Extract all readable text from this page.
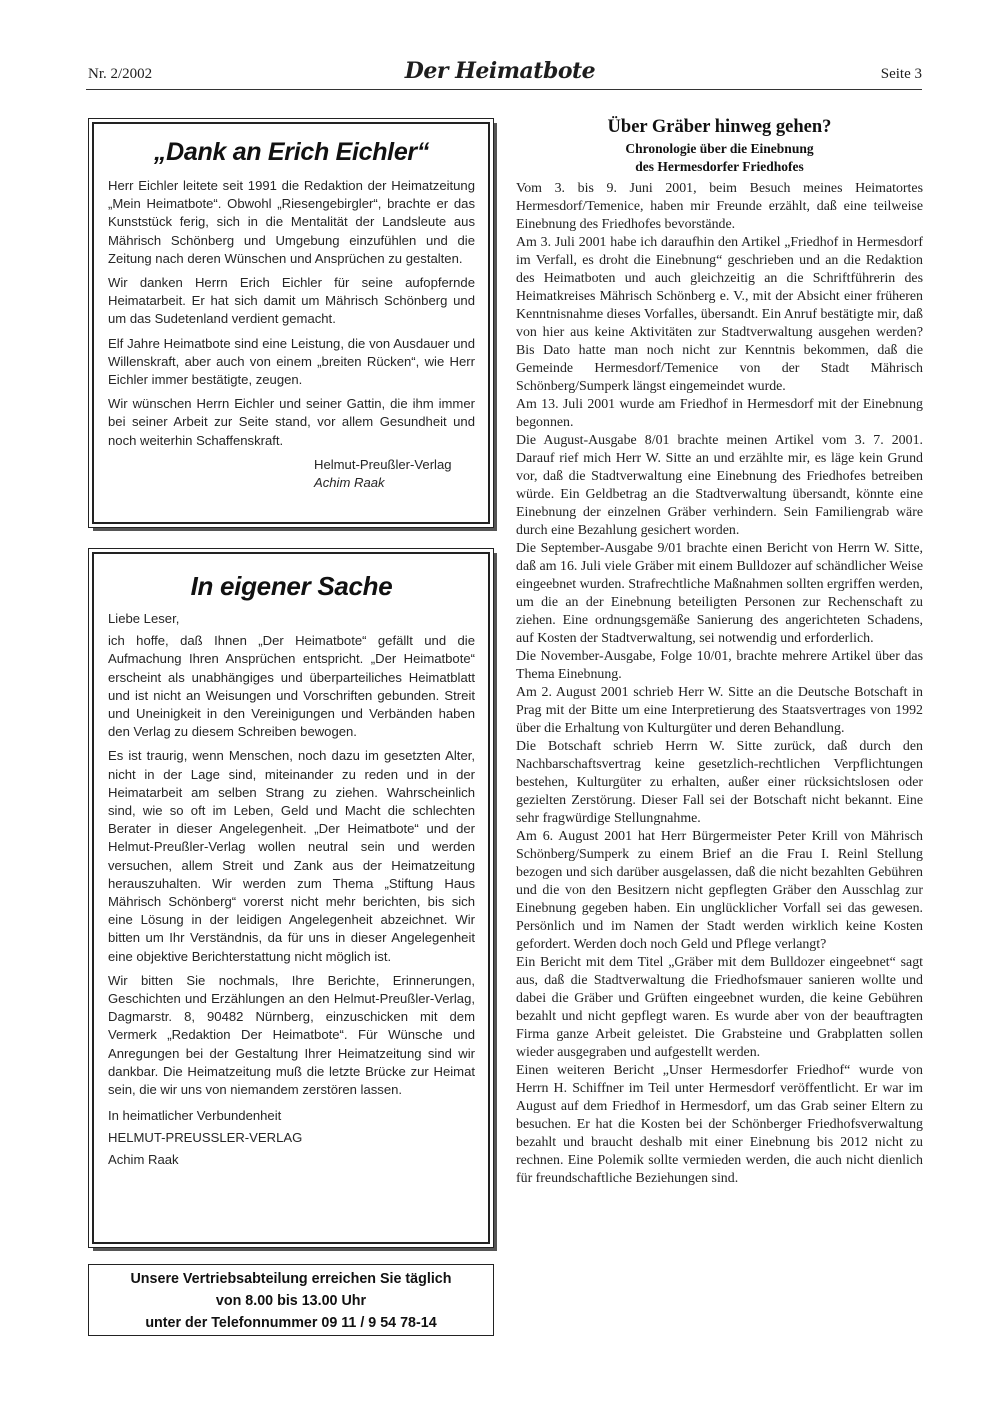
Nr. 2/2002	Der Heimatbote	Seite 3
„Dank an Erich Eichler“

Herr Eichler leitete seit 1991 die Redaktion der Heimatzeitung „Mein Heimatbote“. Obwohl „Riesengebirgler“, brachte er das Kunststück ferig, sich in die Mentalität der Landsleute aus Mährisch Schönberg und Umgebung einzufühlen und die Zeitung nach deren Wünschen und Ansprüchen zu gestalten.

Wir danken Herrn Erich Eichler für seine aufopfernde Heimatarbeit. Er hat sich damit um Mährisch Schönberg und um das Sudetenland verdient gemacht.

Elf Jahre Heimatbote sind eine Leistung, die von Ausdauer und Willenskraft, aber auch von einem „breiten Rücken“, wie Herr Eichler immer bestätigte, zeugen.

Wir wünschen Herrn Eichler und seiner Gattin, die ihm immer bei seiner Arbeit zur Seite stand, vor allem Gesundheit und noch weiterhin Schaffenskraft.

Helmut-Preußler-Verlag
Achim Raak
In eigener Sache
Liebe Leser,

ich hoffe, daß Ihnen „Der Heimatbote“ gefällt und die Aufmachung Ihren Ansprüchen entspricht. „Der Heimatbote“ erscheint als unabhängiges und überparteiliches Heimatblatt und ist nicht an Weisungen und Vorschriften gebunden. Streit und Uneinigkeit in den Vereinigungen und Verbänden haben den Verlag zu diesem Schreiben bewogen.

Es ist traurig, wenn Menschen, noch dazu im gesetzten Alter, nicht in der Lage sind, miteinander zu reden und in der Heimatarbeit am selben Strang zu ziehen. Wahrscheinlich sind, wie so oft im Leben, Geld und Macht die schlechten Berater in dieser Angelegenheit. „Der Heimatbote“ und der Helmut-Preußler-Verlag wollen neutral sein und werden versuchen, allem Streit und Zank aus der Heimatzeitung herauszuhalten. Wir werden zum Thema „Stiftung Haus Mährisch Schönberg“ vorerst nicht mehr berichten, bis sich eine Lösung in der leidigen Angelegenheit abzeichnet. Wir bitten um Ihr Verständnis, da für uns in dieser Angelegenheit eine objektive Berichterstattung nicht möglich ist.

Wir bitten Sie nochmals, Ihre Berichte, Erinnerungen, Geschichten und Erzählungen an den Helmut-Preußler-Verlag, Dagmarstr. 8, 90482 Nürnberg, einzuschicken mit dem Vermerk „Redaktion Der Heimatbote“. Für Wünsche und Anregungen bei der Gestaltung Ihrer Heimatzeitung sind wir dankbar. Die Heimatzeitung muß die letzte Brücke zur Heimat sein, die wir uns von niemandem zerstören lassen.

In heimatlicher Verbundenheit
HELMUT-PREUSSLER-VERLAG
Achim Raak
Unsere Vertriebsabteilung erreichen Sie täglich
von 8.00 bis 13.00 Uhr
unter der Telefonnummer 09 11 / 9 54 78-14
Über Gräber hinweg gehen?
Chronologie über die Einebnung
des Hermesdorfer Friedhofes

Vom 3. bis 9. Juni 2001, beim Besuch meines Heimatortes Hermesdorf/Temenice, haben mir Freunde erzählt, daß eine teilweise Einebnung des Friedhofes bevorstände.

Am 3. Juli 2001 habe ich daraufhin den Artikel „Friedhof in Hermesdorf im Verfall, es droht die Einebnung“ geschrieben und an die Redaktion des Heimatboten und auch gleichzeitig an die Schriftführerin des Heimatkreises Mährisch Schönberg e. V., mit der Absicht einer früheren Kenntnisnahme dieses Vorfalles, übersandt. Ein Anruf bestätigte mir, daß von hier aus keine Aktivitäten zur Stadtverwaltung ausgehen werden? Bis Dato hatte man noch nicht zur Kenntnis bekommen, daß die Gemeinde Hermesdorf/Temenice von der Stadt Mährisch Schönberg/Sumperk längst eingemeindet wurde.

Am 13. Juli 2001 wurde am Friedhof in Hermesdorf mit der Einebnung begonnen.

Die August-Ausgabe 8/01 brachte meinen Artikel vom 3. 7. 2001. Darauf rief mich Herr W. Sitte an und erzählte mir, es läge kein Grund vor, daß die Stadtverwaltung eine Einebnung des Friedhofes betreiben würde. Ein Geldbetrag an die Stadtverwaltung übersandt, könnte eine Einebnung der einzelnen Gräber verhindern. Sein Familiengrab wäre durch eine Bezahlung gesichert worden.

Die September-Ausgabe 9/01 brachte einen Bericht von Herrn W. Sitte, daß am 16. Juli viele Gräber mit einem Bulldozer auf schändlicher Weise eingeebnet wurden. Strafrechtliche Maßnahmen sollten ergriffen werden, um die an der Einebnung beteiligten Personen zur Rechenschaft zu ziehen. Eine ordnungsgemäße Sanierung des angerichteten Schadens, auf Kosten der Stadtverwaltung, sei notwendig und erforderlich.

Die November-Ausgabe, Folge 10/01, brachte mehrere Artikel über das Thema Einebnung.

Am 2. August 2001 schrieb Herr W. Sitte an die Deutsche Botschaft in Prag mit der Bitte um eine Interpretierung des Staatsvertrages von 1992 über die Erhaltung von Kulturgüter und deren Behandlung.

Die Botschaft schrieb Herrn W. Sitte zurück, daß durch den Nachbarschaftsvertrag keine gesetzlich-rechtlichen Verpflichtungen bestehen, Kulturgüter zu erhalten, außer einer rücksichtslosen oder gezielten Zerstörung. Dieser Fall sei der Botschaft nicht bekannt. Eine sehr fragwürdige Stellungnahme.

Am 6. August 2001 hat Herr Bürgermeister Peter Krill von Mährisch Schönberg/Sumperk zu einem Brief an die Frau I. Reinl Stellung bezogen und sich darüber ausgelassen, daß die nicht bezahlten Gebühren und die von den Besitzern nicht gepflegten Gräber den Ausschlag zur Einebnung gegeben haben. Ein unglücklicher Vorfall sei das gewesen. Persönlich und im Namen der Stadt werden wirklich keine Kosten gefordert. Werden doch noch Geld und Pflege verlangt?

Ein Bericht mit dem Titel „Gräber mit dem Bulldozer eingeebnet“ sagt aus, daß die Stadtverwaltung die Friedhofsmauer sanieren wollte und dabei die Gräber und Grüften eingeebnet wurden, die keine Gebühren bezahlt und nicht gepflegt waren. Es wurde aber von der beauftragten Firma ganze Arbeit geleistet. Die Grabsteine und Grabplatten sollen wieder ausgegraben und aufgestellt werden.

Einen weiteren Bericht „Unser Hermesdorfer Friedhof“ wurde von Herrn H. Schiffner im Teil unter Hermesdorf veröffentlicht. Er war im August auf dem Friedhof in Hermesdorf, um das Grab seiner Eltern zu besuchen. Er hat die Kosten bei der Schönberger Friedhofsverwaltung bezahlt und braucht deshalb mit einer Einebnung bis 2012 nicht zu rechnen. Eine Polemik sollte vermieden werden, die auch nicht dienlich für freundschaftliche Beziehungen sind.
